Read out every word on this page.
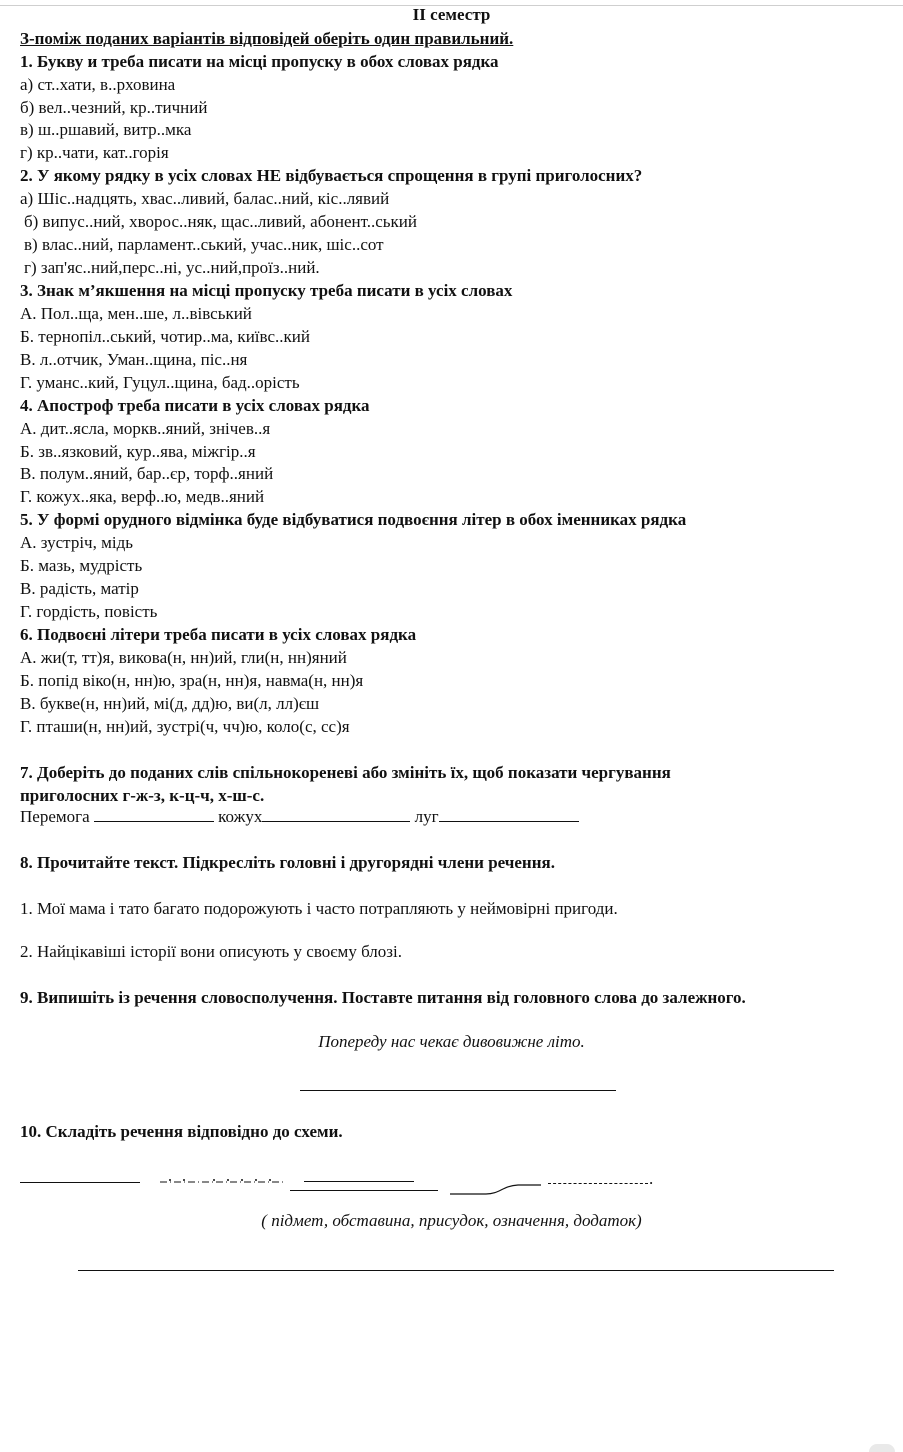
ІІ семестр
З-поміж поданих варіантів відповідей оберіть один правильний.
1. Букву и треба писати на місці пропуску в обох словах рядка
а) ст..хати, в..рховина
б) вел..чезний, кр..тичний
в) ш..ршавий, витр..мка
г) кр..чати, кат..горія
2. У якому рядку в усіх словах НЕ відбувається спрощення в групі приголосних?
а) Шіс..надцять, хвас..ливий, балас..ний, кіс..лявий
б) випус..ний, хворос..няк, щас..ливий, абонент..ський
в) влас..ний, парламент..ський, учас..ник, шіс..сот
г) зап'яс..ний,перс..ні, ус..ний,проїз..ний.
3. Знак м’якшення на місці пропуску треба писати в усіх словах
А. Пол..ща, мен..ше, л..вівський
Б. тернопіл..ський, чотир..ма, київс..кий
В. л..отчик, Уман..щина, піс..ня
Г. уманс..кий, Гуцул..щина, бад..орість
4. Апостроф треба писати в усіх словах рядка
А. дит..ясла, моркв..яний, знічев..я
Б. зв..язковий, кур..ява, міжгір..я
В. полум..яний, бар..єр, торф..яний
Г. кожух..яка, верф..ю, медв..яний
5. У формі орудного відмінка буде відбуватися подвоєння літер в обох іменниках рядка
А. зустріч, мідь
Б. мазь, мудрість
В. радість, матір
Г. гордість, повість
6. Подвоєні літери треба писати в усіх словах рядка
А. жи(т, тт)я, викова(н, нн)ий, гли(н, нн)яний
Б. попід віко(н, нн)ю, зра(н, нн)я, навма(н, нн)я
В. букве(н, нн)ий, мі(д, дд)ю, ви(л, лл)єш
Г. пташи(н, нн)ий, зустрі(ч, чч)ю, коло(с, сс)я
7. Доберіть до поданих слів спільнокореневі або змініть їх, щоб показати чергування
приголосних г-ж-з, к-ц-ч, х-ш-с.
Перемога	кожух	луг
8. Прочитайте текст. Підкресліть головні і другорядні члени речення.
1. Мої мама і тато багато подорожують і часто потрапляють у неймовірні пригоди.
2. Найцікавіші історії вони описують у своєму блозі.
9. Випишіть із речення словосполучення. Поставте питання від головного слова до залежного.
Попереду нас чекає дивовижне літо.
10. Складіть речення відповідно до схеми.
.
( підмет, обставина, присудок, означення, додаток)
